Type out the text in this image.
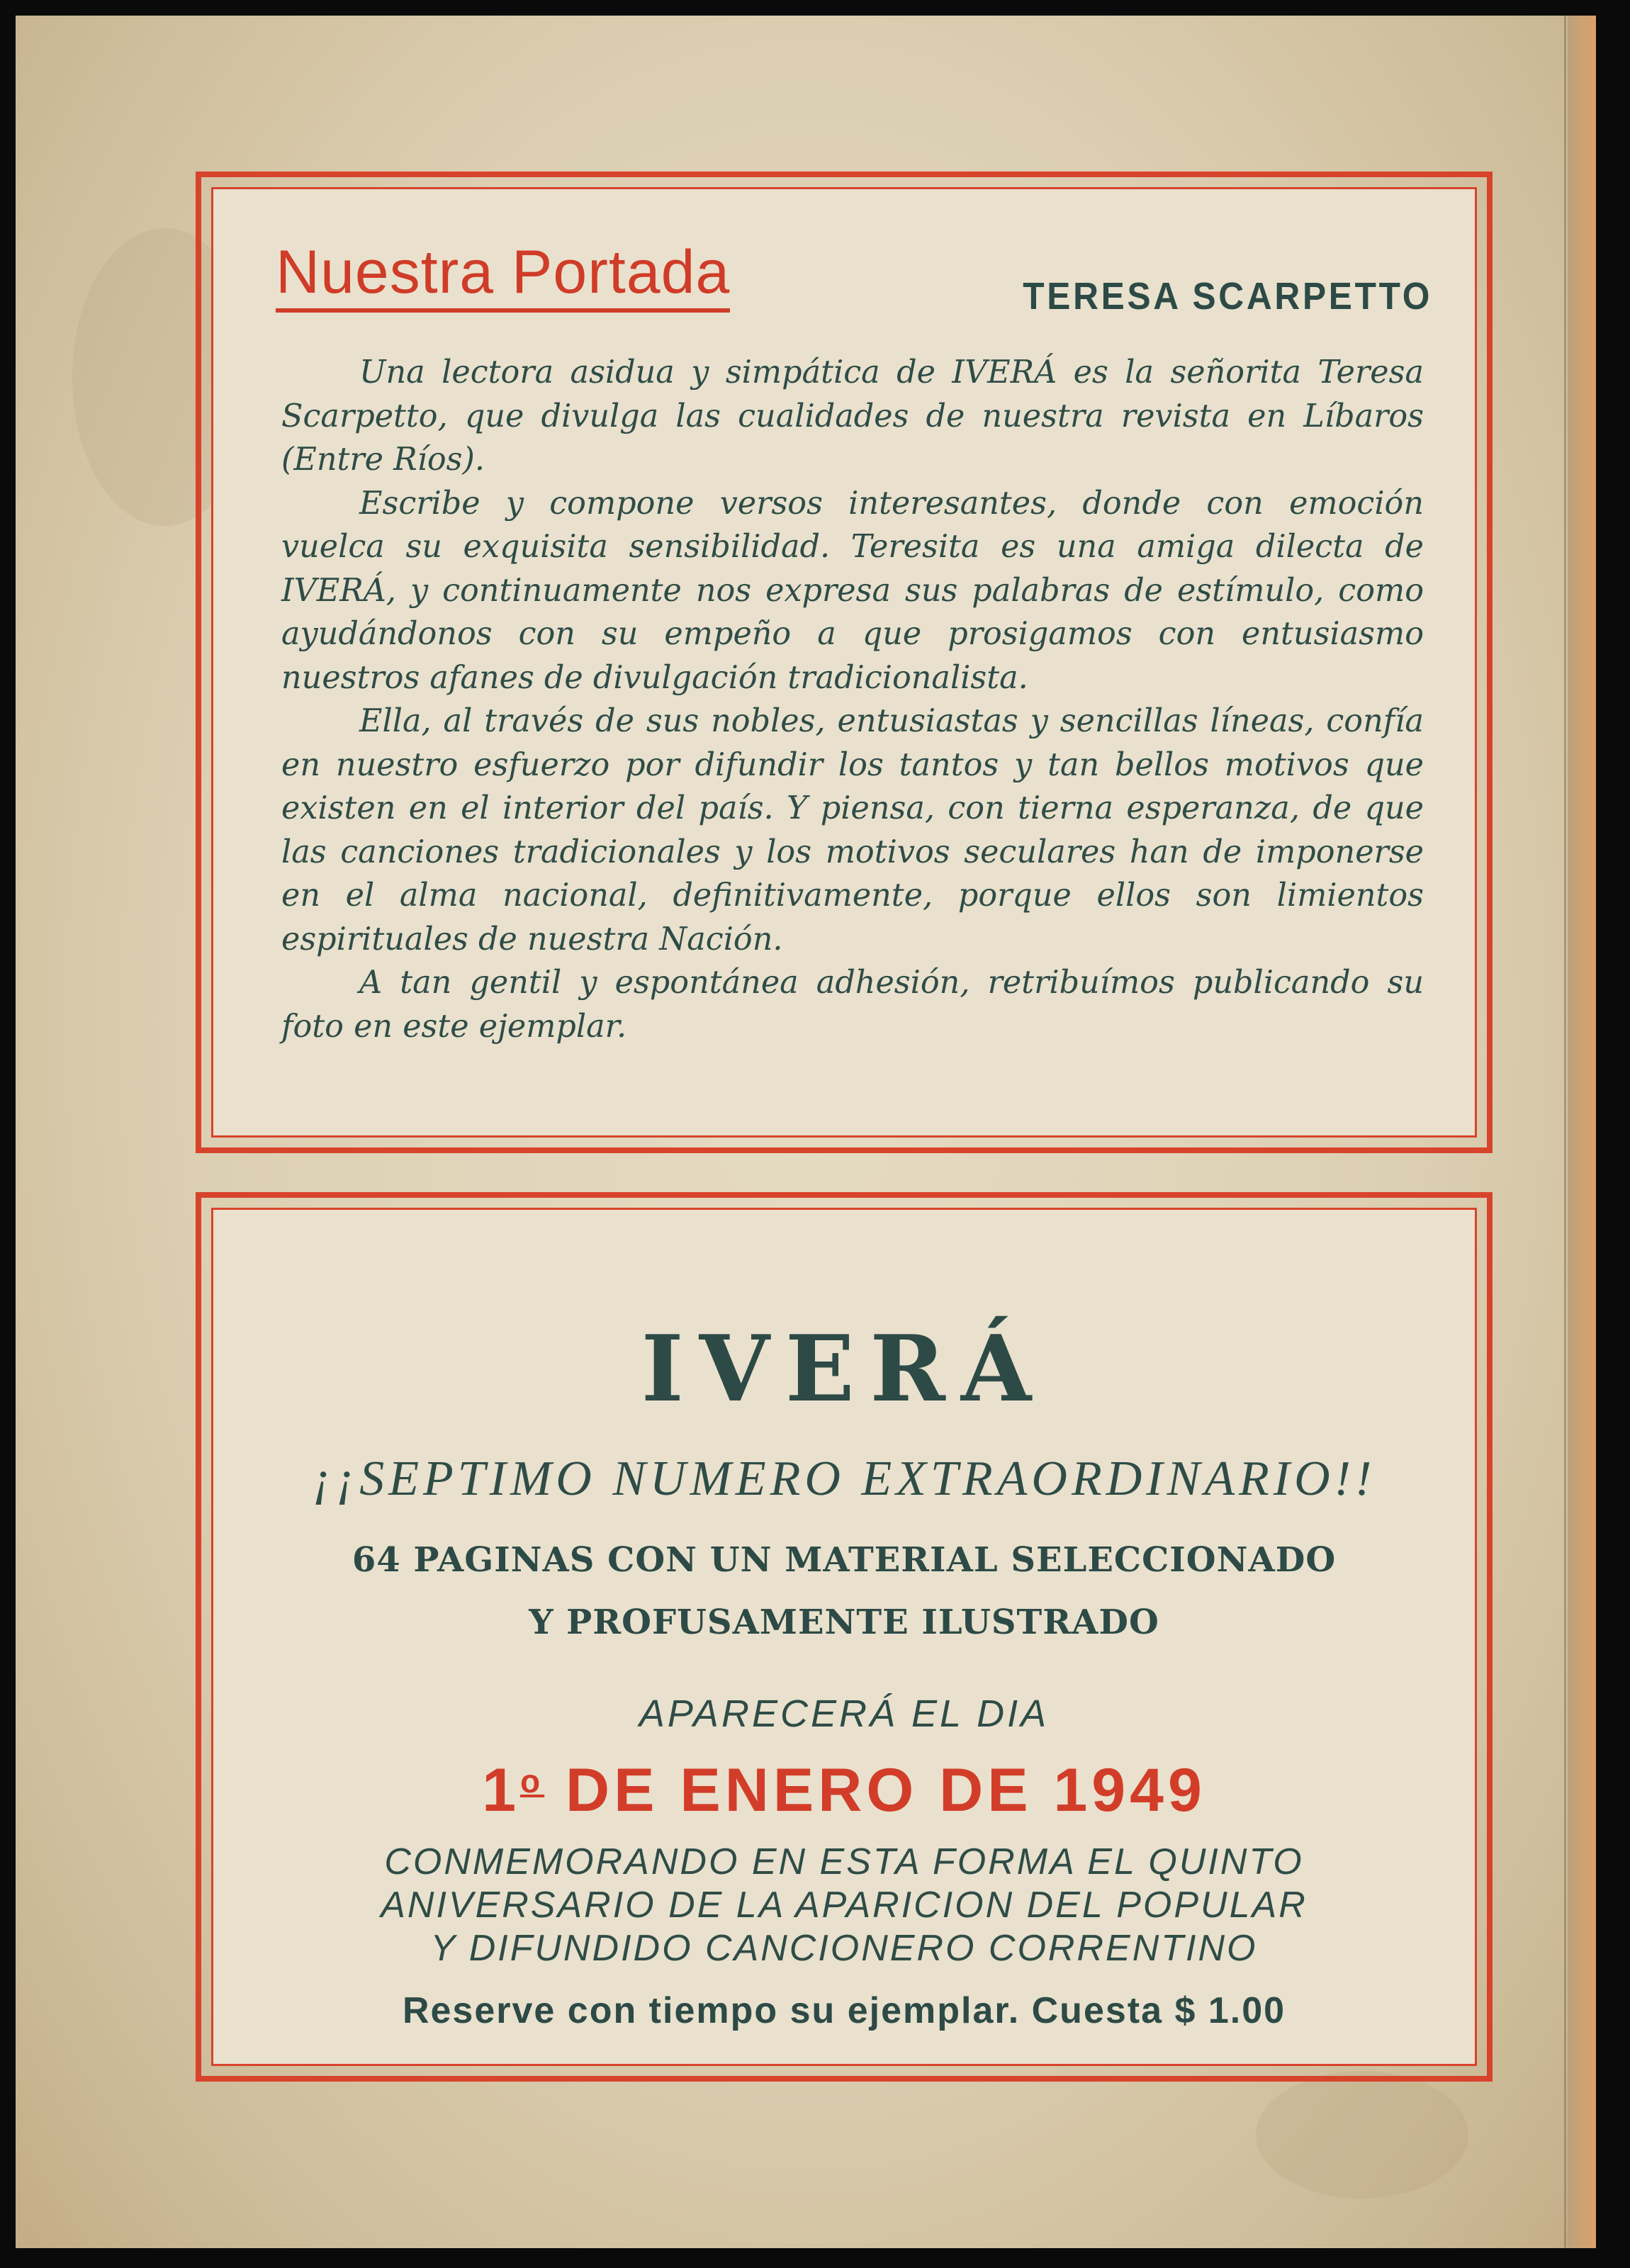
Nuestra Portada	TERESA SCARPETTO

Una lectora asidua y simpática de IVERÁ es la señorita Teresa Scarpetto, que divulga las cualidades de nuestra revista en Líbaros (Entre Ríos).

Escribe y compone versos interesantes, donde con emoción vuelca su exquisita sensibilidad. Teresita es una amiga dilecta de IVERÁ, y continuamente nos expresa sus palabras de estímulo, como ayudándonos con su empeño a que prosigamos con entusiasmo nuestros afanes de divulgación tradicionalista.

Ella, al través de sus nobles, entusiastas y sencillas líneas, confía en nuestro esfuerzo por difundir los tantos y tan bellos motivos que existen en el interior del país. Y piensa, con tierna esperanza, de que las canciones tradicionales y los motivos seculares han de imponerse en el alma nacional, definitivamente, porque ellos son limientos espirituales de nuestra Nación.

A tan gentil y espontánea adhesión, retribuímos publicando su foto en este ejemplar.

IVERÁ
¡¡SEPTIMO NUMERO EXTRAORDINARIO!!
64 PAGINAS CON UN MATERIAL SELECCIONADO
Y PROFUSAMENTE ILUSTRADO
APARECERÁ EL DIA
1$^o$ DE ENERO DE 1949
CONMEMORANDO EN ESTA FORMA EL QUINTO
ANIVERSARIO DE LA APARICION DEL POPULAR
Y DIFUNDIDO CANCIONERO CORRENTINO
Reserve con tiempo su ejemplar. Cuesta $ 1.00
